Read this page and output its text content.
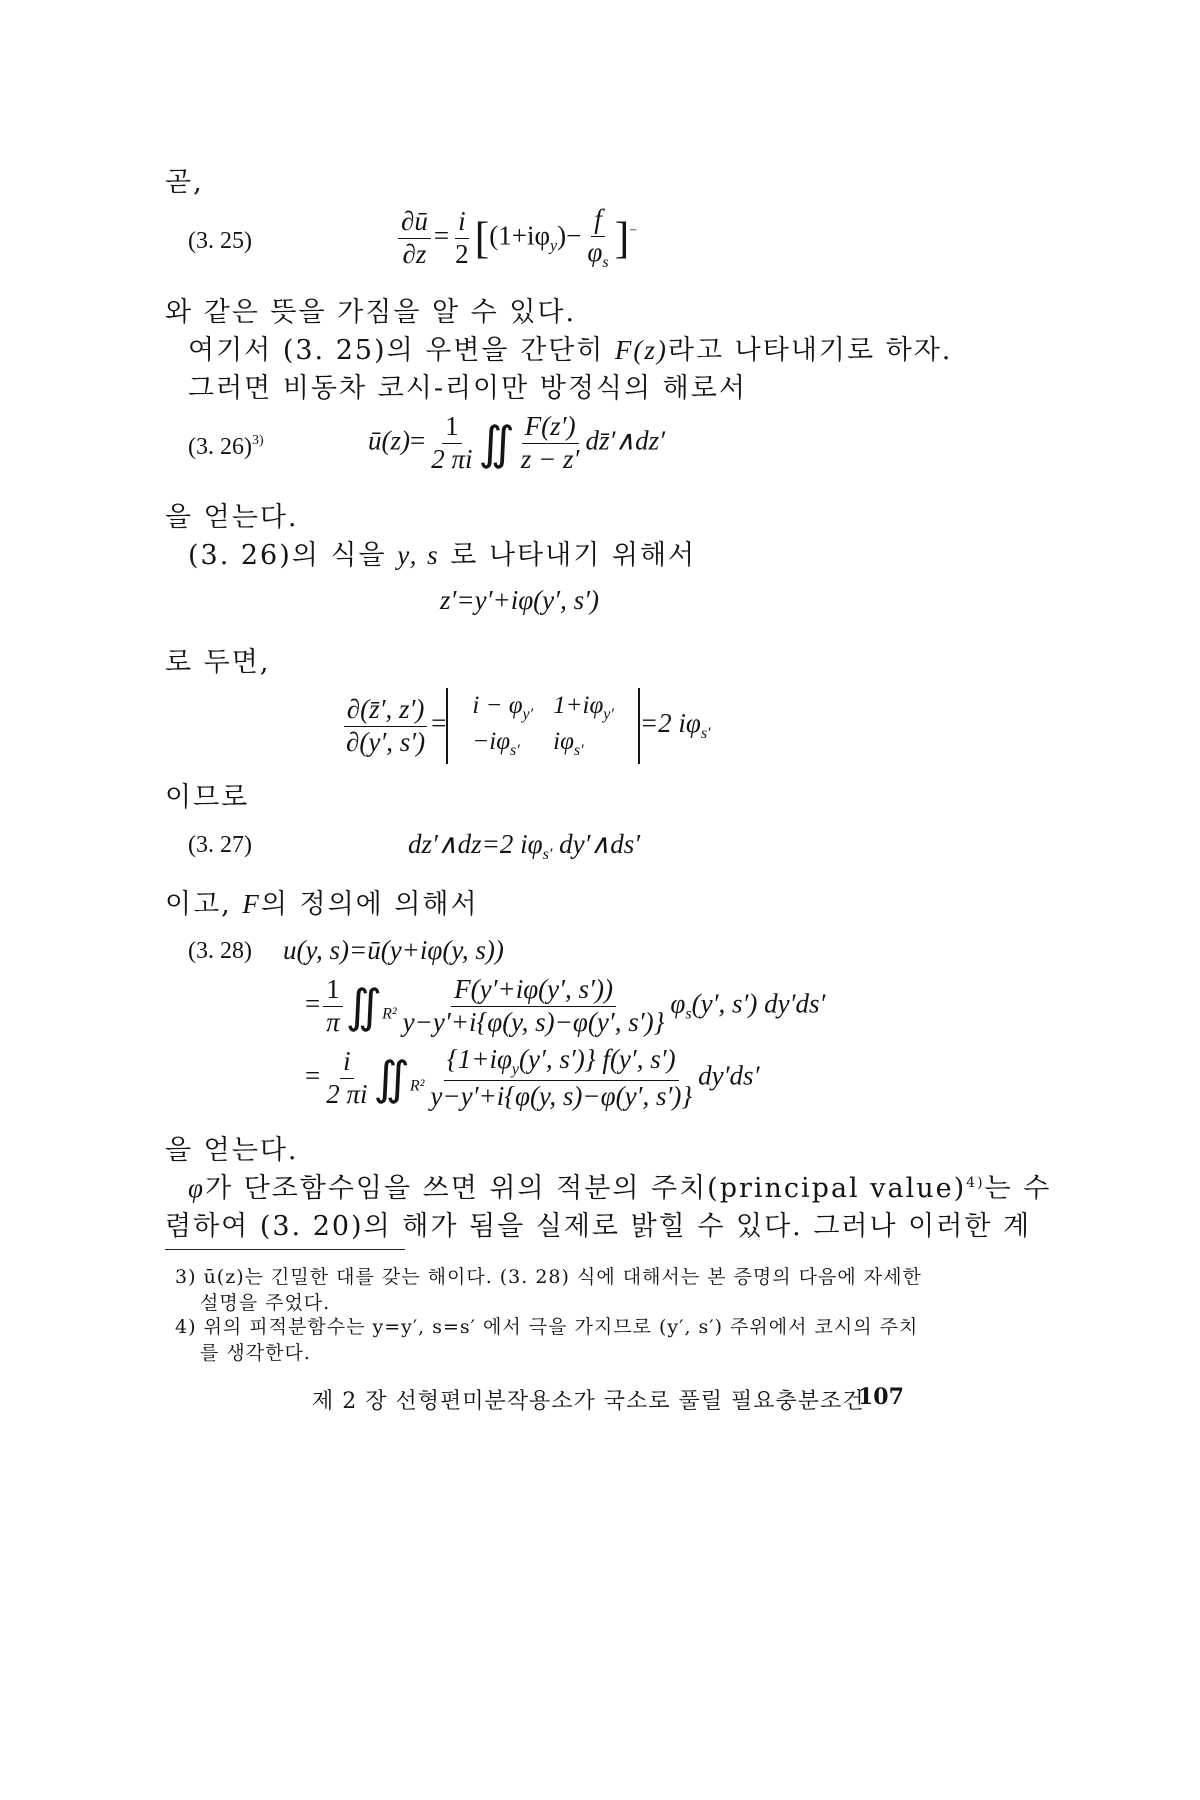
곧,
(3. 25)	$\frac{\partial ū}{\partial z} = \frac{i}{2} [(1+i\varphi_y)- \frac{f}{\varphi_s} ]^-$
와 같은 뜻을 가짐을 알 수 있다.
여기서 (3. 25)의 우변을 간단히 F(z)라고 나타내기로 하자.
그러면 비동차 코시-리이만 방정식의 해로서
(3. 26)$^{3)}$	ū(z)= $\frac{1}{2 \pi i}$ ∬ $\frac{F(z')}{z - z'}$ dz̄′∧dz′
을 얻는다.
(3. 26)의 식을 y, s 로 나타내기 위해서
z′=y′+iφ(y′, s′)
로 두면,
$\frac{\partial(z̄', z')}{\partial(y', s')}$ =
$i - \varphi_{y'}$	$1+i\varphi_{y'}$
$-i\varphi_{s'}$	$i\varphi_{s'}$
=2 $i\varphi_{s'}$
이므로
(3. 27)	dz′∧dz=2 $i\varphi_{s'}$ dy′∧ds′
이고, F의 정의에 의해서
(3. 28) u(y, s)=ū(y+iφ(y, s))
= $\frac{1}{\pi}$ ∬ $_{R^2} \frac{F(y'+i\varphi(y', s'))}{y-y'+i\{\varphi(y, s)-\varphi(y', s')\}} \varphi_s(y'$, s′) dy′ds′
= $\frac{i}{2 \pi i}$ ∬ $_{R^2} \frac{\{1+i\varphi_y(y', s')\} f(y', s')}{y-y'+i\{\varphi(y, s)-\varphi(y', s')\}} dy'ds'$
을 얻는다.
φ가 단조함수임을 쓰면 위의 적분의 주치(principal value)$^{4)}$는 수
렴하여 (3. 20)의 해가 됨을 실제로 밝힐 수 있다. 그러나 이러한 계
3) ū(z)는 긴밀한 대를 갖는 해이다. (3. 28) 식에 대해서는 본 증명의 다음에 자세한
설명을 주었다.
4) 위의 피적분함수는 y=y′, s=s′ 에서 극을 가지므로 (y′, s′) 주위에서 코시의 주치
를 생각한다.
제 2 장 선형편미분작용소가 국소로 풀릴 필요충분조건
107
